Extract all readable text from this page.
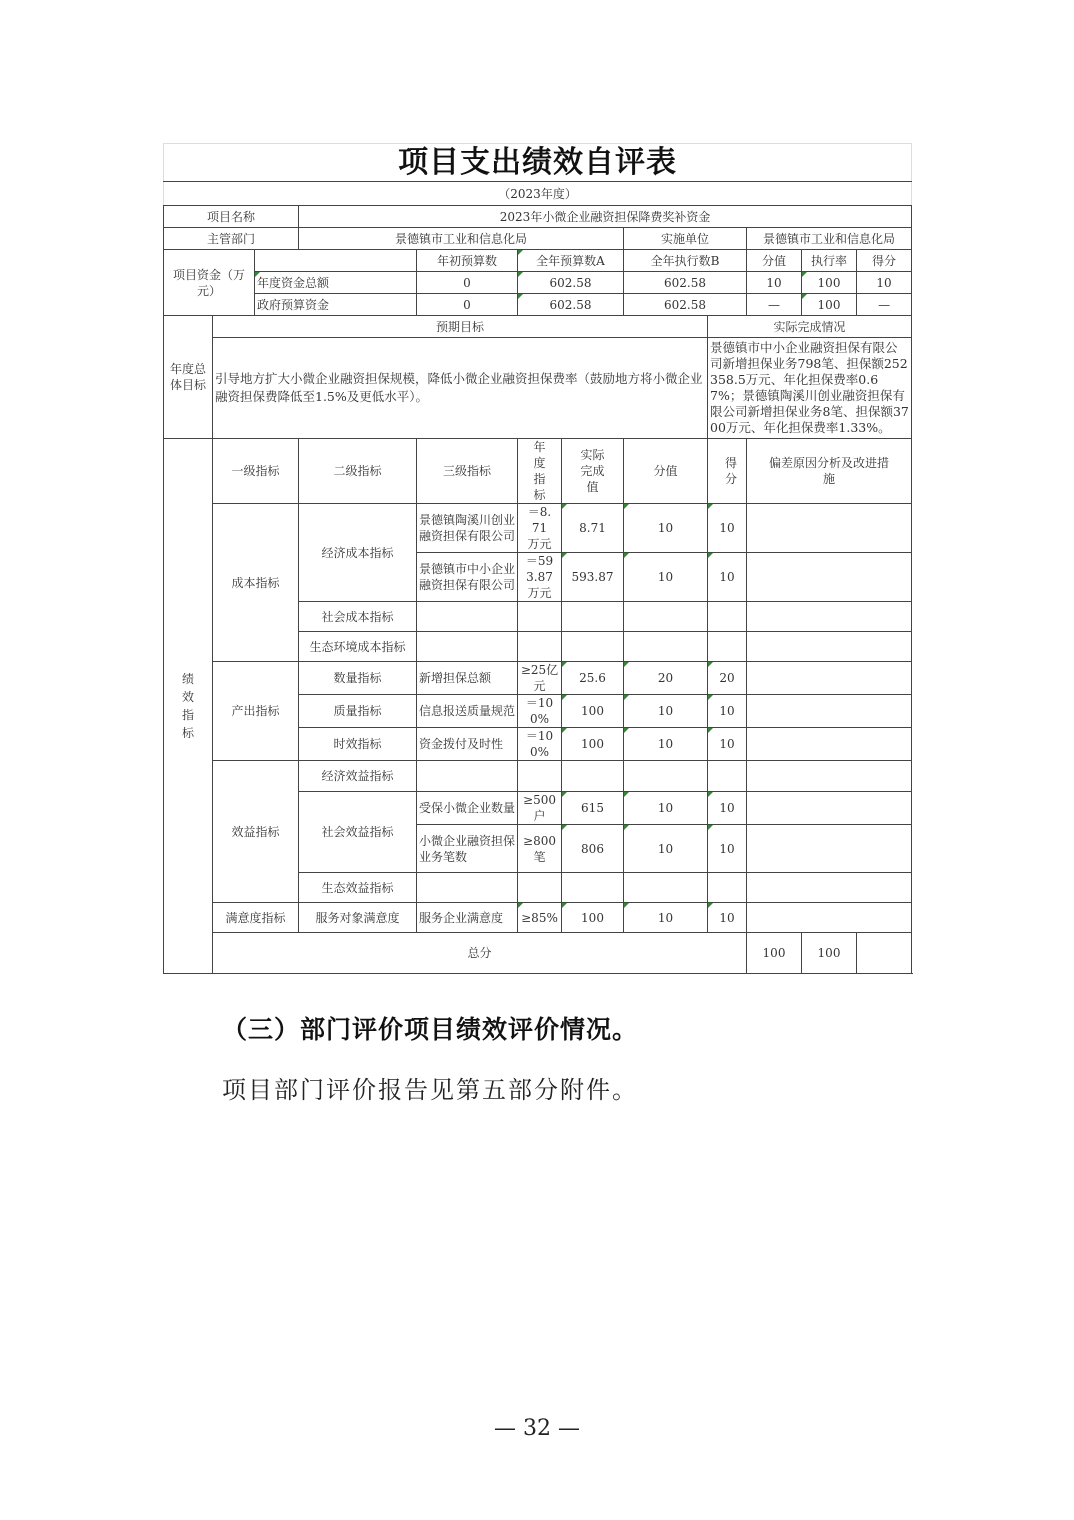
项目支出绩效自评表											
（2023年度）											
项目名称			2023年小微企业融资担保降费奖补资金								
主管部门			景德镇市工业和信息化局				实施单位		景德镇市工业和信息化局		
项目资金（万元）				年初预算数	全年预算数A		全年执行数B		分值	执行率	得分
		年度资金总额		0	602.58		602.58		10	100	10
		政府预算资金		0	602.58		602.58		—	100	—
年度总体目标	预期目标							实际完成情况			
	引导地方扩大小微企业融资担保规模，降低小微企业融资担保费率（鼓励地方将小微企业融资担保费降低至1.5%及更低水平）。							景德镇市中小企业融资担保有限公司新增担保业务798笔、担保额252358.5万元、年化担保费率0.67%；景德镇陶溪川创业融资担保有限公司新增担保业务8笔、担保额3700万元、年化担保费率1.33%。			
绩效指标	一级指标		二级指标	三级指标	年度指标	实际完成值	分值	得分	偏差原因分析及改进措施		
	成本指标		经济成本指标	景德镇陶溪川创业融资担保有限公司	＝8.71万元	8.71	10	10			
				景德镇市中小企业融资担保有限公司	＝593.87万元	593.87	10	10			
			社会成本指标								
			生态环境成本指标								
	产出指标		数量指标	新增担保总额	≥25亿元	25.6	20	20			
			质量指标	信息报送质量规范	＝100%	100	10	10			
			时效指标	资金拨付及时性	＝100%	100	10	10			
	效益指标		经济效益指标								
			社会效益指标	受保小微企业数量	≥500户	615	10	10			
				小微企业融资担保业务笔数	≥800笔	806	10	10			
			生态效益指标								
	满意度指标		服务对象满意度	服务企业满意度	≥85%	100	10	10			
	总分								100	100	
（三）部门评价项目绩效评价情况。
项目部门评价报告见第五部分附件。
— 32 —
